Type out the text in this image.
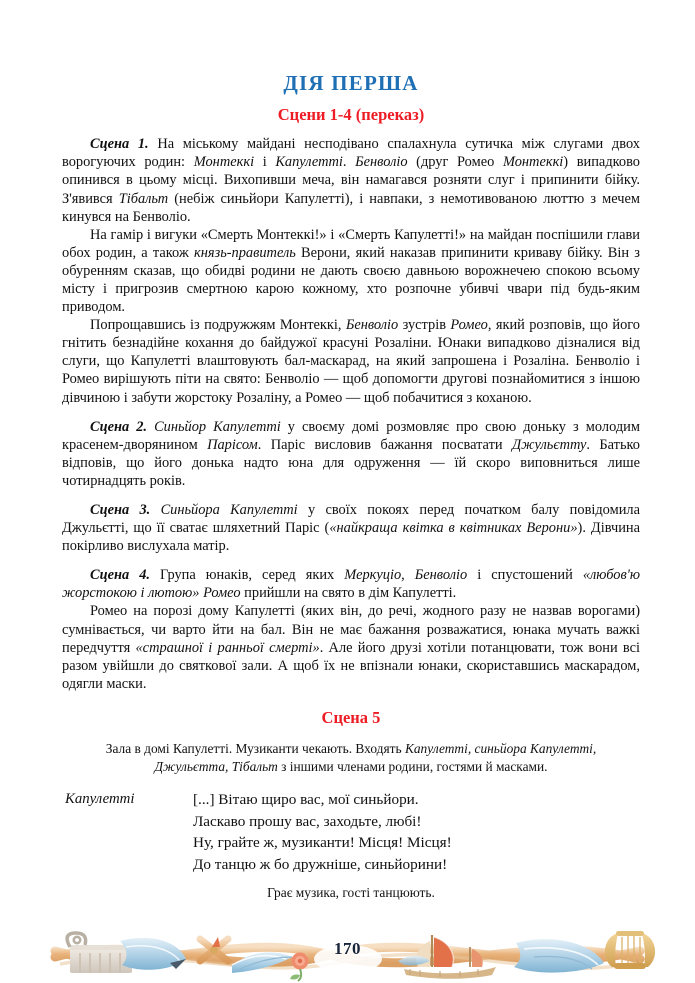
ДІЯ ПЕРША
Сцени 1-4 (переказ)

Сцена 1. На міському майдані несподівано спалахнула сутичка між слугами двох ворогуючих родин: Монтеккі і Капулетті. Бенволіо (друг Ромео Монтеккі) випадково опинився в цьому місці. Вихопивши меча, він намагався розняти слуг і припинити бійку. З'явився Тібальт (небіж синьйори Капулетті), і навпаки, з немотивованою люттю з мечем кинувся на Бенволіо.

На гамір і вигуки «Смерть Монтеккі!» і «Смерть Капулетті!» на майдан поспішили глави обох родин, а також князь-правитель Верони, який наказав припинити криваву бійку. Він з обуренням сказав, що обидві родини не дають своєю давньою ворожнечею спокою всьому місту і пригрозив смертною карою кожному, хто розпочне убивчі чвари під будь-яким приводом.

Попрощавшись із подружжям Монтеккі, Бенволіо зустрів Ромео, який розповів, що його гнітить безнадійне кохання до байдужої красуні Розаліни. Юнаки випадково дізналися від слуги, що Капулетті влаштовують бал-маскарад, на який запрошена і Розаліна. Бенволіо і Ромео вирішують піти на свято: Бенволіо — щоб допомогти другові познайомитися з іншою дівчиною і забути жорстоку Розаліну, а Ромео — щоб побачитися з коханою.

Сцена 2. Синьйор Капулетті у своєму домі розмовляє про свою доньку з молодим красенем-дворянином Парісом. Паріс висловив бажання посватати Джульєтту. Батько відповів, що його донька надто юна для одруження — їй скоро виповниться лише чотирнадцять років.

Сцена 3. Синьйора Капулетті у своїх покоях перед початком балу повідомила Джульєтті, що її сватає шляхетний Паріс («найкраща квітка в квітниках Верони»). Дівчина покірливо вислухала матір.

Сцена 4. Група юнаків, серед яких Меркуціо, Бенволіо і спустошений «любов'ю жорстокою і лютою» Ромео прийшли на свято в дім Капулетті.

Ромео на порозі дому Капулетті (яких він, до речі, жодного разу не назвав ворогами) сумнівається, чи варто йти на бал. Він не має бажання розважатися, юнака мучать важкі передчуття «страшної і ранньої смерті». Але його друзі хотіли потанцювати, тож вони всі разом увійшли до святкової зали. А щоб їх не впізнали юнаки, скориставшись маскарадом, одягли маски.

Сцена 5
Зала в домі Капулетті. Музиканти чекають. Входять Капулетті, синьйора Капулетті, Джульєтта, Тібальт з іншими членами родини, гостями й масками.
Капулетті	[...] Вітаю щиро вас, мої синьйори.
Ласкаво прошу вас, заходьте, любі!
Ну, грайте ж, музиканти! Місця! Місця!
До танцю ж бо дружніше, синьйорини!
Грає музика, гості танцюють.
170
